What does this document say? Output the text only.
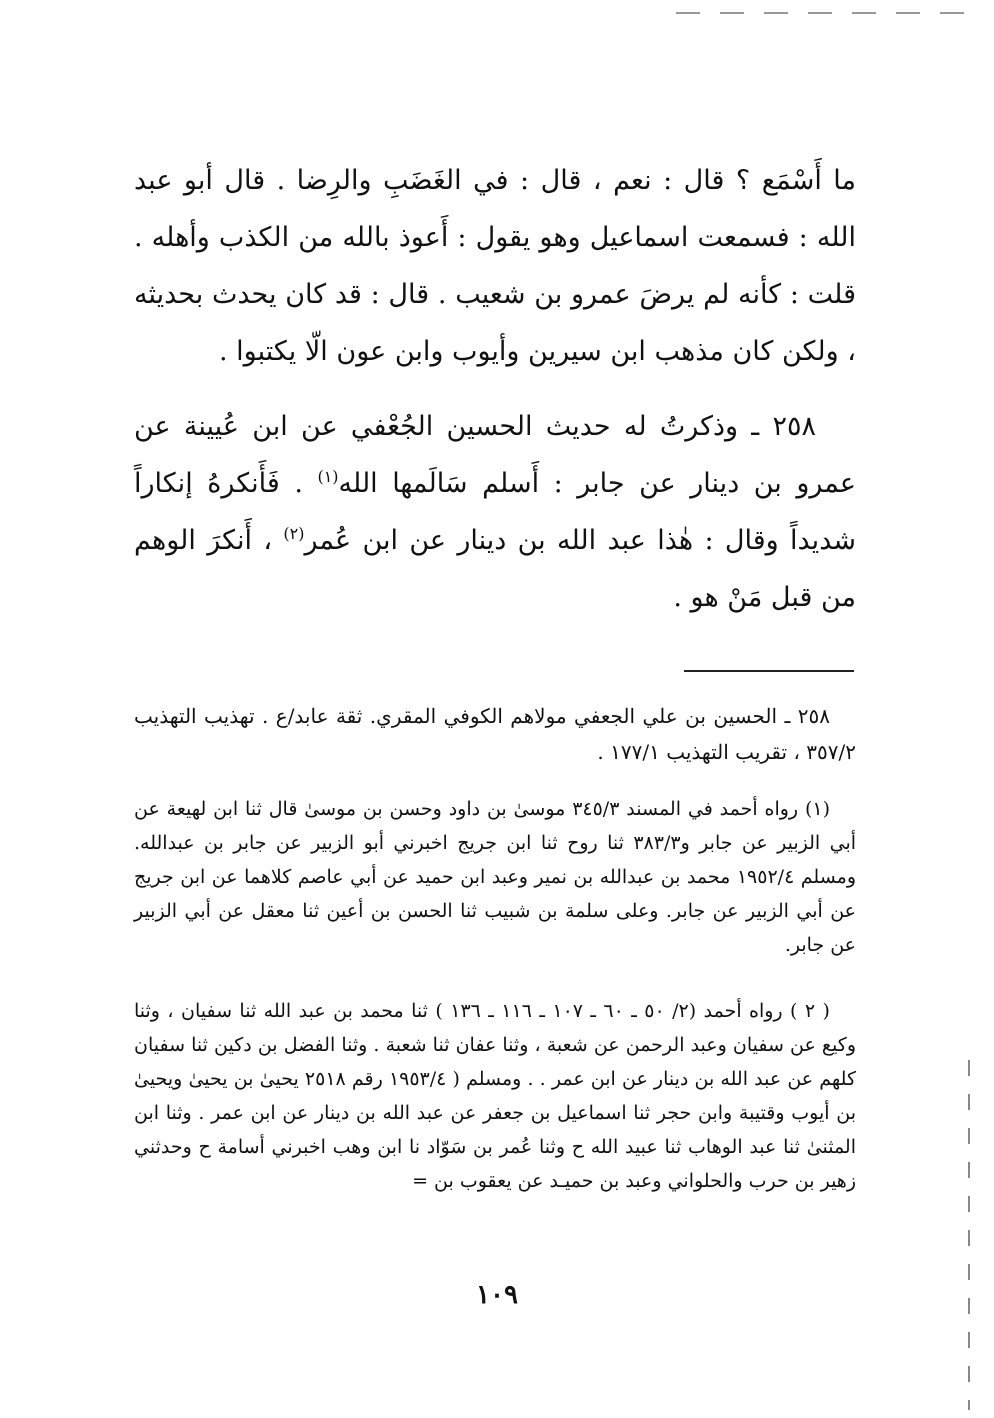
ما أَسْمَع ؟ قال : نعم ، قال : في الغَضَبِ والرِضا . قال أبو عبد الله : فسمعت اسماعيل وهو يقول : أَعوذ بالله من الكذب وأهله . قلت : كأنه لم يرضَ عمرو بن شعيب . قال : قد كان يحدث بحديثه ، ولكن كان مذهب ابن سيرين وأيوب وابن عون الّا يكتبوا .

٢٥٨ ـ وذكرتُ له حديث الحسين الجُعْفي عن ابن عُيينة عن عمرو بن دينار عن جابر : أَسلم سَالَمها الله$^{(١)}$ . فَأَنكرهُ إنكاراً شديداً وقال : هٰذا عبد الله بن دينار عن ابن عُمر$^{(٢)}$ ، أَنكرَ الوهم من قبل مَنْ هو .

٢٥٨ ـ الحسين بن علي الجعفي مولاهم الكوفي المقري. ثقة عابد/ع . تهذيب التهذيب ٣٥٧/٢ ، تقريب التهذيب ١٧٧/١ .

(١) رواه أحمد في المسند ٣٤٥/٣ موسىٰ بن داود وحسن بن موسىٰ قال ثنا ابن لهيعة عن أبي الزبير عن جابر و٣٨٣/٣ ثنا روح ثنا ابن جريج اخبرني أبو الزبير عن جابر بن عبدالله. ومسلم ١٩٥٢/٤ محمد بن عبدالله بن نمير وعبد ابن حميد عن أبي عاصم كلاهما عن ابن جريج عن أبي الزبير عن جابر. وعلى سلمة بن شبيب ثنا الحسن بن أعين ثنا معقل عن أبي الزبير عن جابر.

( ٢ ) رواه أحمد (٢/ ٥٠ ـ ٦٠ ـ ١٠٧ ـ ١١٦ ـ ١٣٦ ) ثنا محمد بن عبد الله ثنا سفيان ، وثنا وكيع عن سفيان وعبد الرحمن عن شعبة ، وثنا عفان ثنا شعبة . وثنا الفضل بن دكين ثنا سفيان كلهم عن عبد الله بن دينار عن ابن عمر . . ومسلم ( ١٩٥٣/٤ رقم ٢٥١٨ يحيىٰ بن يحيىٰ ويحيىٰ بن أيوب وقتيبة وابن حجر ثنا اسماعيل بن جعفر عن عبد الله بن دينار عن ابن عمر . وثنا ابن المثنىٰ ثنا عبد الوهاب ثنا عبيد الله ح وثنا عُمر بن سَوّاد نا ابن وهب اخبرني أسامة ح وحدثني زهير بن حرب والحلواني وعبد بن حميـد عن يعقوب بن =

١٠٩
